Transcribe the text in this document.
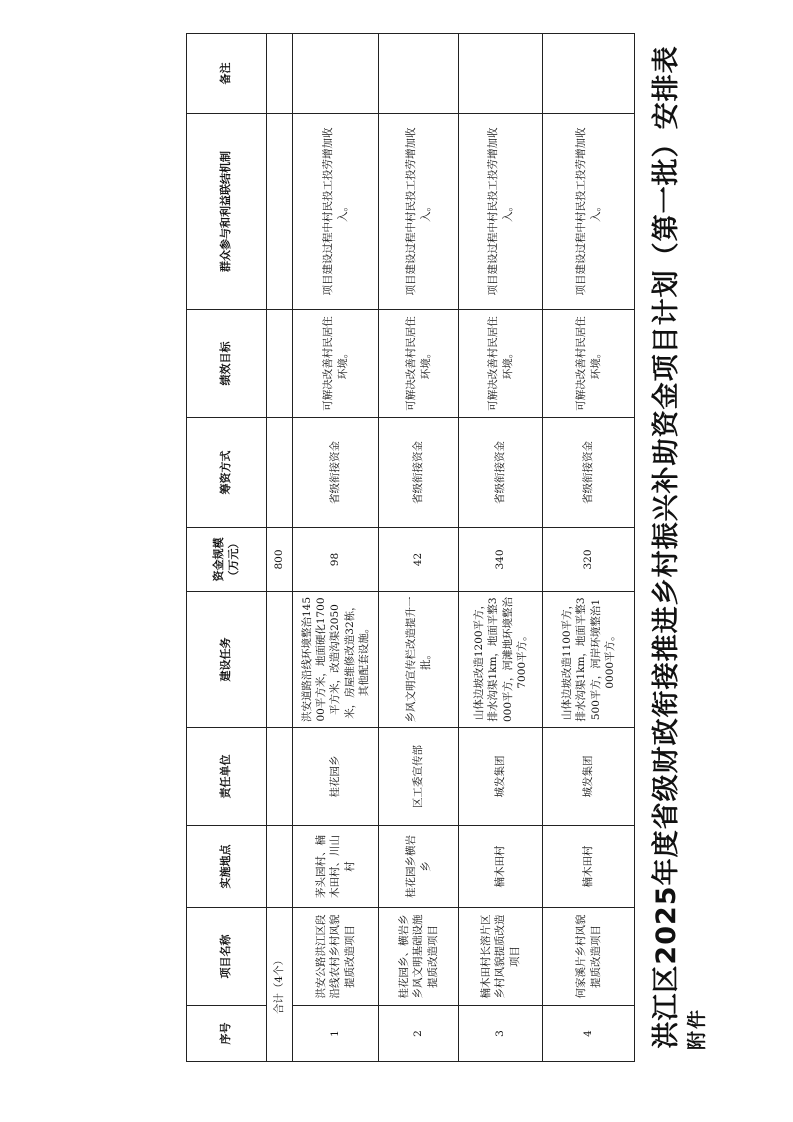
附件
洪江区2025年度省级财政衔接推进乡村振兴补助资金项目计划（第一批）安排表
序号	项目名称	实施地点	责任单位	建设任务	资金规模（万元）	筹资方式	绩效目标	群众参与和利益联结机制	备注
合计（4个）					800				
1	洪安公路洪江区段沿线农村乡村风貌提质改造项目	茅头园村、楠木田村、川山村	桂花园乡	洪安道路沿线环境整治14500平方米，地面硬化1700平方米，改造沟渠2050米，房屋维修改造32栋，其他配套设施。	98	省级衔接资金	可解决改善村民居住环境。	项目建设过程中村民投工投劳增加收入。	
2	桂花园乡、横岩乡乡风文明基础设施提质改造项目	桂花园乡横岩乡	区工委宣传部	乡风文明宣传栏改造提升一批。	42	省级衔接资金	可解决改善村民居住环境。	项目建设过程中村民投工投劳增加收入。	
3	楠木田村长溶片区乡村风貌提质改造项目	楠木田村	城发集团	山体边坡改造1200平方，排水沟渠1km，地面平整3000平方，河滩地环境整治7000平方。	340	省级衔接资金	可解决改善村民居住环境。	项目建设过程中村民投工投劳增加收入。	
4	何家溪片乡村风貌提质改造项目	楠木田村	城发集团	山体边坡改造1100平方，排水沟渠1km，地面平整3500平方，河岸环境整治10000平方。	320	省级衔接资金	可解决改善村民居住环境。	项目建设过程中村民投工投劳增加收入。	
